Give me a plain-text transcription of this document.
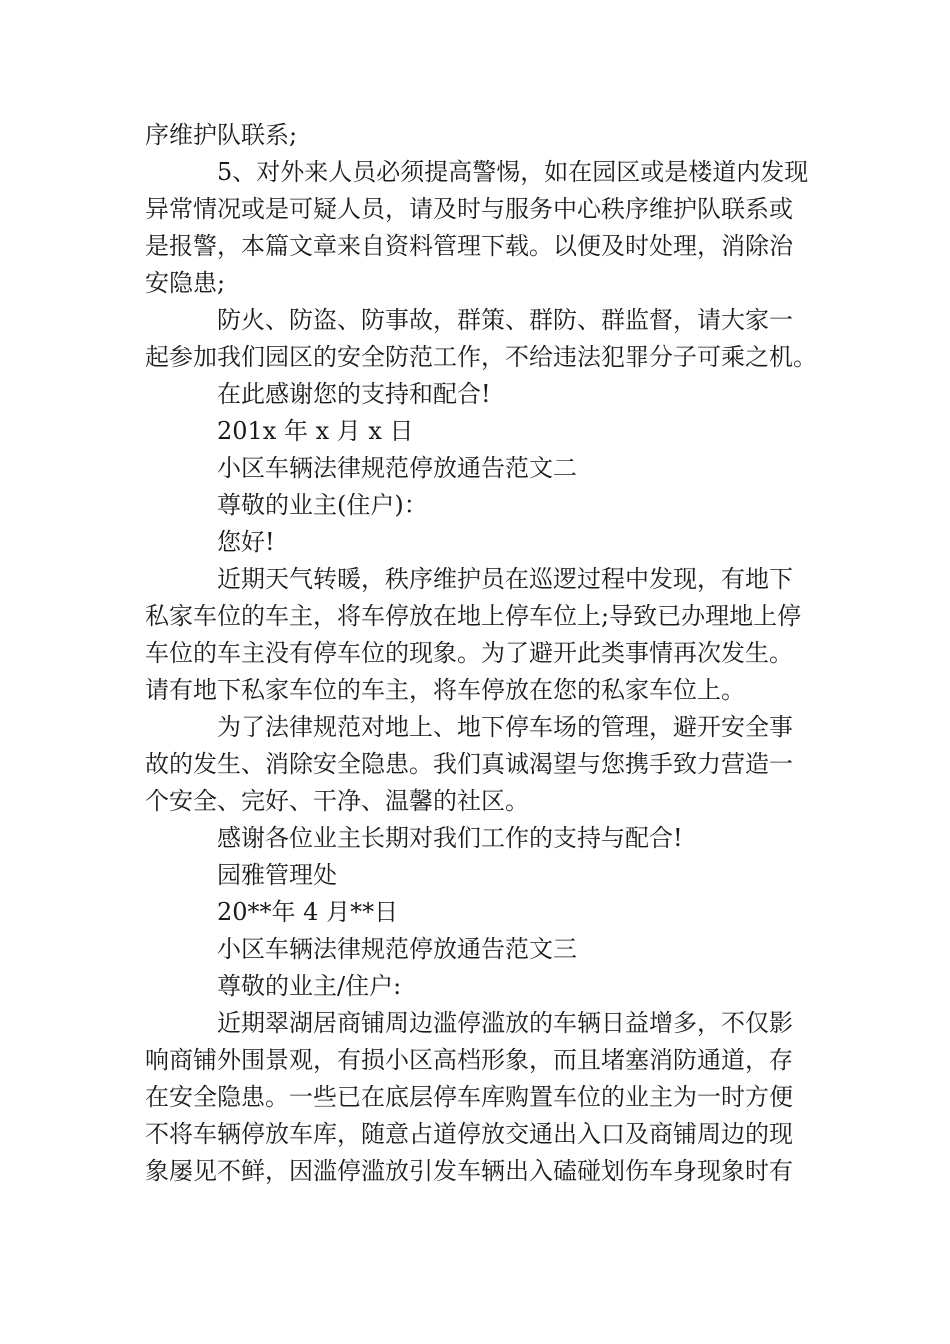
序维护队联系;
5、对外来人员必须提高警惕，如在园区或是楼道内发现
异常情况或是可疑人员，请及时与服务中心秩序维护队联系或
是报警，本篇文章来自资料管理下载。以便及时处理，消除治
安隐患;
防火、防盗、防事故，群策、群防、群监督，请大家一
起参加我们园区的安全防范工作，不给违法犯罪分子可乘之机。
在此感谢您的支持和配合!
201x 年 x 月 x 日
小区车辆法律规范停放通告范文二
尊敬的业主(住户)：
您好!
近期天气转暖，秩序维护员在巡逻过程中发现，有地下
私家车位的车主，将车停放在地上停车位上;导致已办理地上停
车位的车主没有停车位的现象。为了避开此类事情再次发生。
请有地下私家车位的车主，将车停放在您的私家车位上。
为了法律规范对地上、地下停车场的管理，避开安全事
故的发生、消除安全隐患。我们真诚渴望与您携手致力营造一
个安全、完好、干净、温馨的社区。
感谢各位业主长期对我们工作的支持与配合!
园雅管理处
20**年 4 月**日
小区车辆法律规范停放通告范文三
尊敬的业主/住户:
近期翠湖居商铺周边滥停滥放的车辆日益增多，不仅影
响商铺外围景观，有损小区高档形象，而且堵塞消防通道，存
在安全隐患。一些已在底层停车库购置车位的业主为一时方便
不将车辆停放车库，随意占道停放交通出入口及商铺周边的现
象屡见不鲜，因滥停滥放引发车辆出入磕碰划伤车身现象时有
